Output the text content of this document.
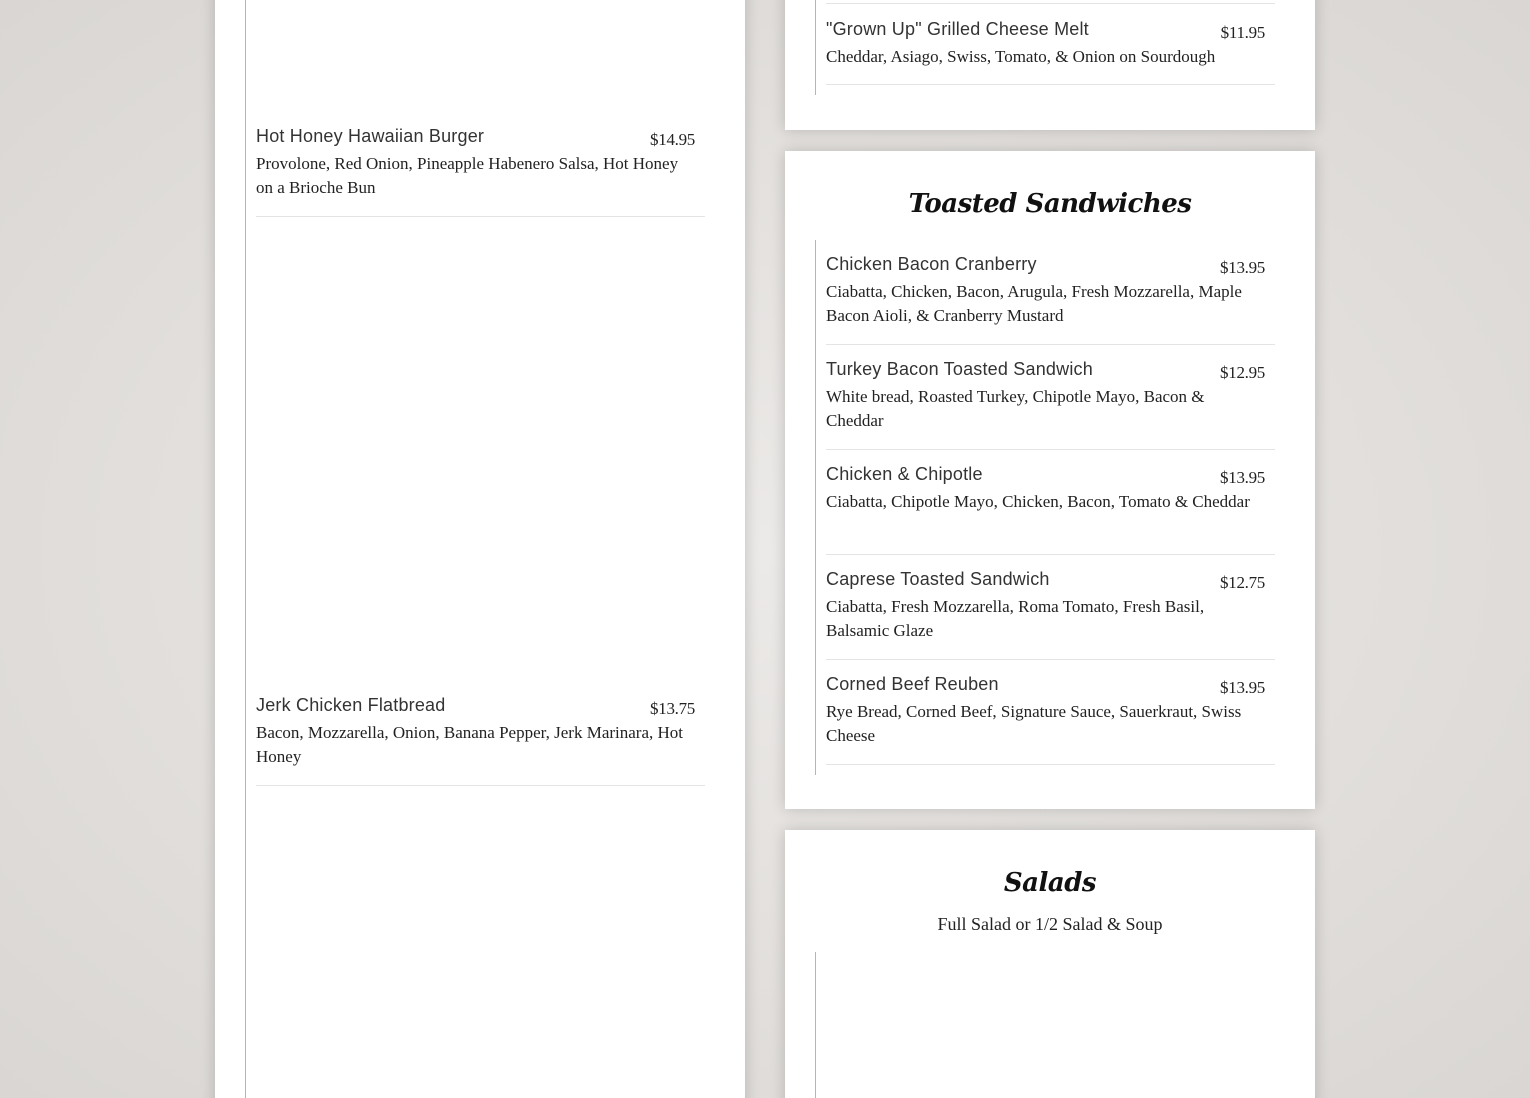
Hot Honey Hawaiian Burger	$14.95
Provolone, Red Onion, Pineapple Habenero Salsa, Hot Honey on a Brioche Bun
Jerk Chicken Flatbread	$13.75
Bacon, Mozzarella, Onion, Banana Pepper, Jerk Marinara, Hot Honey
"Grown Up" Grilled Cheese Melt	$11.95
Cheddar, Asiago, Swiss, Tomato, & Onion on Sourdough
Toasted Sandwiches
Chicken Bacon Cranberry	$13.95
Ciabatta, Chicken, Bacon, Arugula, Fresh Mozzarella, Maple Bacon Aioli, & Cranberry Mustard
Turkey Bacon Toasted Sandwich	$12.95
White bread, Roasted Turkey, Chipotle Mayo, Bacon & Cheddar
Chicken & Chipotle	$13.95
Ciabatta, Chipotle Mayo, Chicken, Bacon, Tomato & Cheddar
Caprese Toasted Sandwich	$12.75
Ciabatta, Fresh Mozzarella, Roma Tomato, Fresh Basil, Balsamic Glaze
Corned Beef Reuben	$13.95
Rye Bread, Corned Beef, Signature Sauce, Sauerkraut, Swiss Cheese
Salads
Full Salad or 1/2 Salad & Soup
